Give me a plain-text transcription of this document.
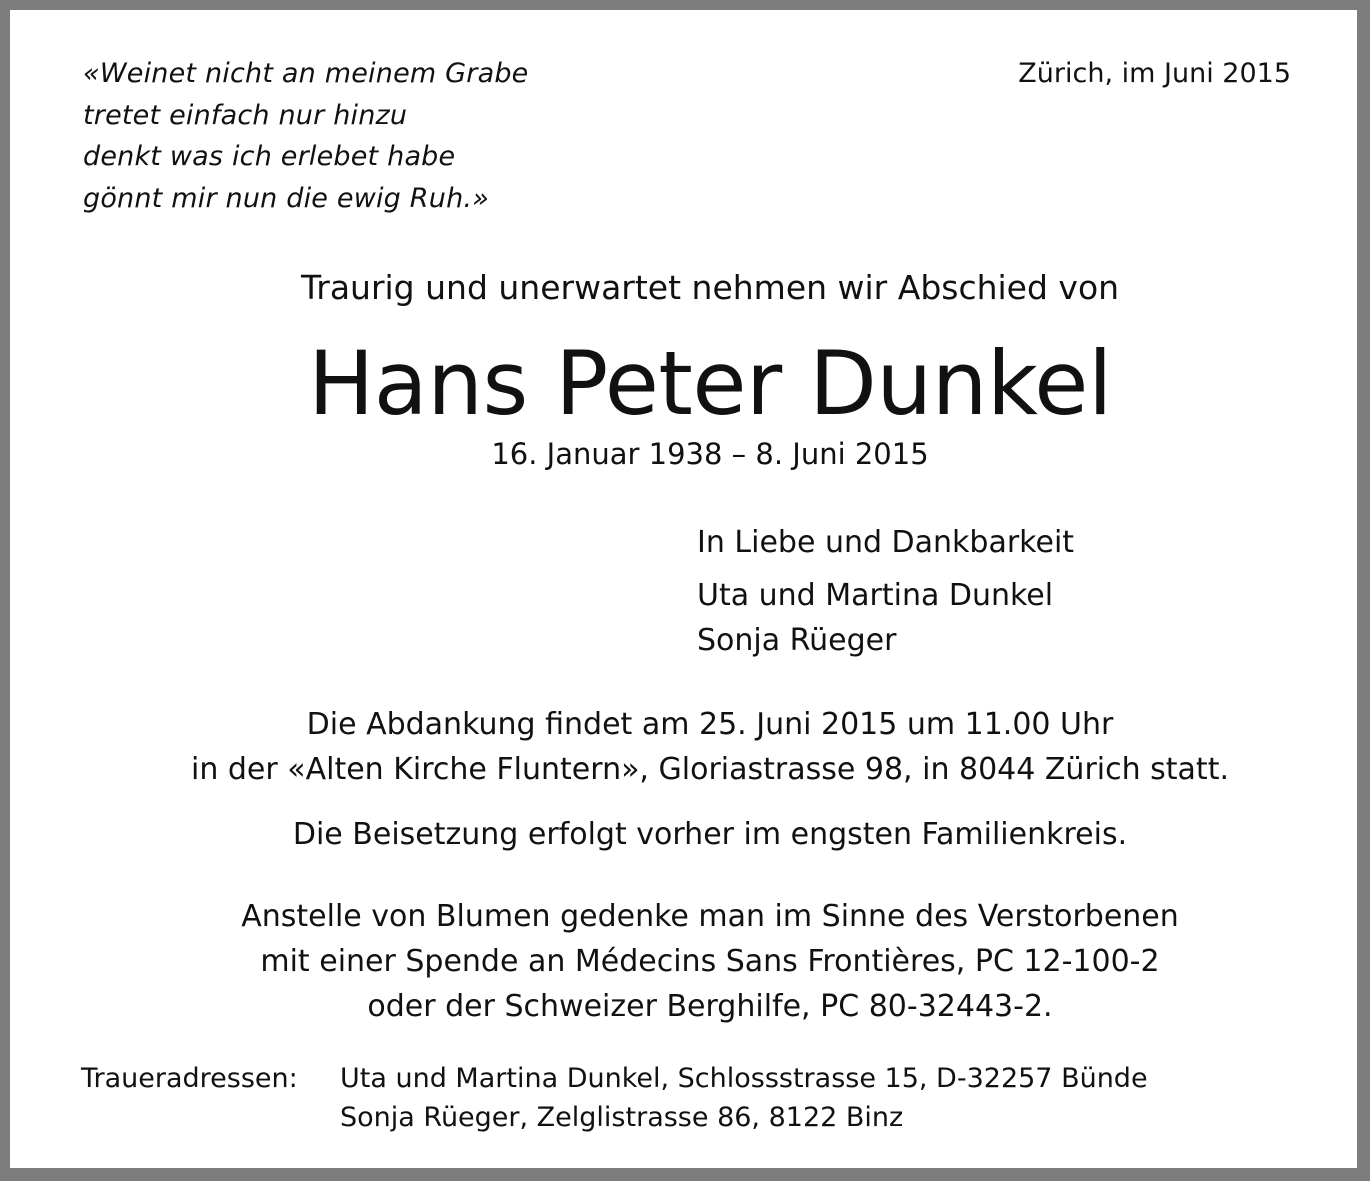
«Weinet nicht an meinem Grabe
tretet einfach nur hinzu
denkt was ich erlebet habe
gönnt mir nun die ewig Ruh.»
Zürich, im Juni 2015
Traurig und unerwartet nehmen wir Abschied von
Hans Peter Dunkel
16. Januar 1938 – 8. Juni 2015
In Liebe und Dankbarkeit
Uta und Martina Dunkel
Sonja Rüeger
Die Abdankung findet am 25. Juni 2015 um 11.00 Uhr
in der «Alten Kirche Fluntern», Gloriastrasse 98, in 8044 Zürich statt.
Die Beisetzung erfolgt vorher im engsten Familienkreis.
Anstelle von Blumen gedenke man im Sinne des Verstorbenen
mit einer Spende an Médecins Sans Frontières, PC 12-100-2
oder der Schweizer Berghilfe, PC 80-32443-2.
Traueradressen: Uta und Martina Dunkel, Schlossstrasse 15, D-32257 Bünde
Sonja Rüeger, Zelglistrasse 86, 8122 Binz
